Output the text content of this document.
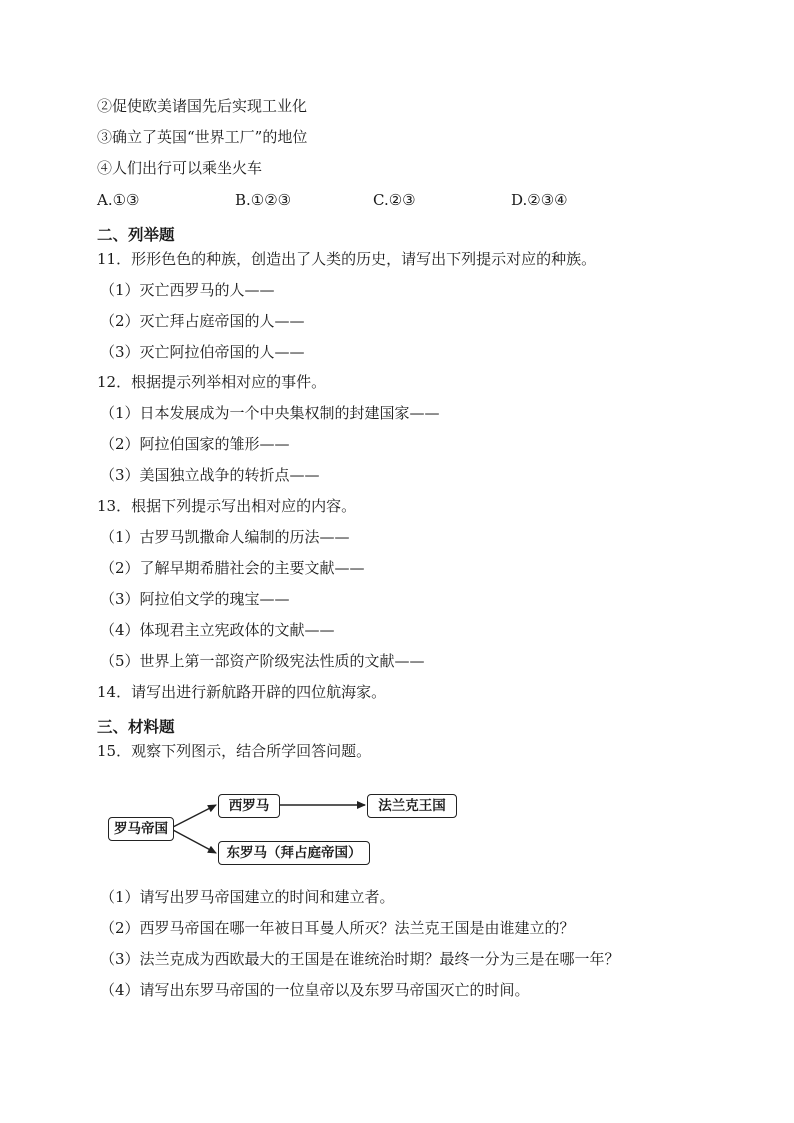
②促使欧美诸国先后实现工业化
③确立了英国“世界工厂”的地位
④人们出行可以乘坐火车
A.①③	B.①②③	C.②③	D.②③④
二、列举题
11．形形色色的种族，创造出了人类的历史，请写出下列提示对应的种族。
（1）灭亡西罗马的人——
（2）灭亡拜占庭帝国的人——
（3）灭亡阿拉伯帝国的人——
12．根据提示列举相对应的事件。
（1）日本发展成为一个中央集权制的封建国家——
（2）阿拉伯国家的雏形——
（3）美国独立战争的转折点——
13．根据下列提示写出相对应的内容。
（1）古罗马凯撒命人编制的历法——
（2）了解早期希腊社会的主要文献——
（3）阿拉伯文学的瑰宝——
（4）体现君主立宪政体的文献——
（5）世界上第一部资产阶级宪法性质的文献——
14．请写出进行新航路开辟的四位航海家。
三、材料题
15．观察下列图示，结合所学回答问题。
罗马帝国
西罗马	法兰克王国
东罗马（拜占庭帝国）
（1）请写出罗马帝国建立的时间和建立者。
（2）西罗马帝国在哪一年被日耳曼人所灭？法兰克王国是由谁建立的？
（3）法兰克成为西欧最大的王国是在谁统治时期？最终一分为三是在哪一年？
（4）请写出东罗马帝国的一位皇帝以及东罗马帝国灭亡的时间。
